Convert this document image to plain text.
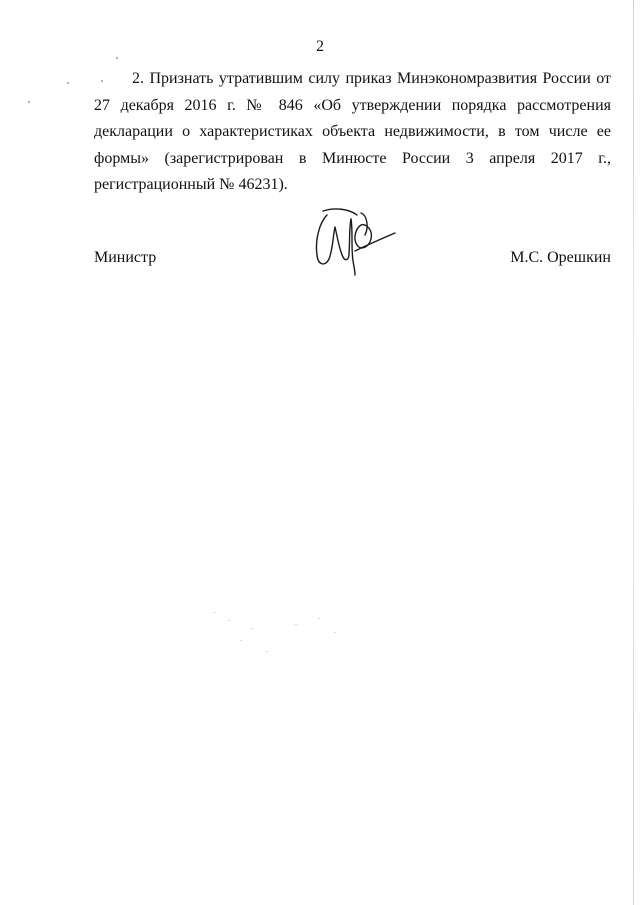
2

2. Признать утратившим силу приказ Минэкономразвития России от 27 декабря 2016 г. № 846 «Об утверждении порядка рассмотрения декларации о характеристиках объекта недвижимости, в том числе ее формы» (зарегистрирован в Минюсте России 3 апреля 2017 г., регистрационный № 46231).

Министр	М.С. Орешкин
